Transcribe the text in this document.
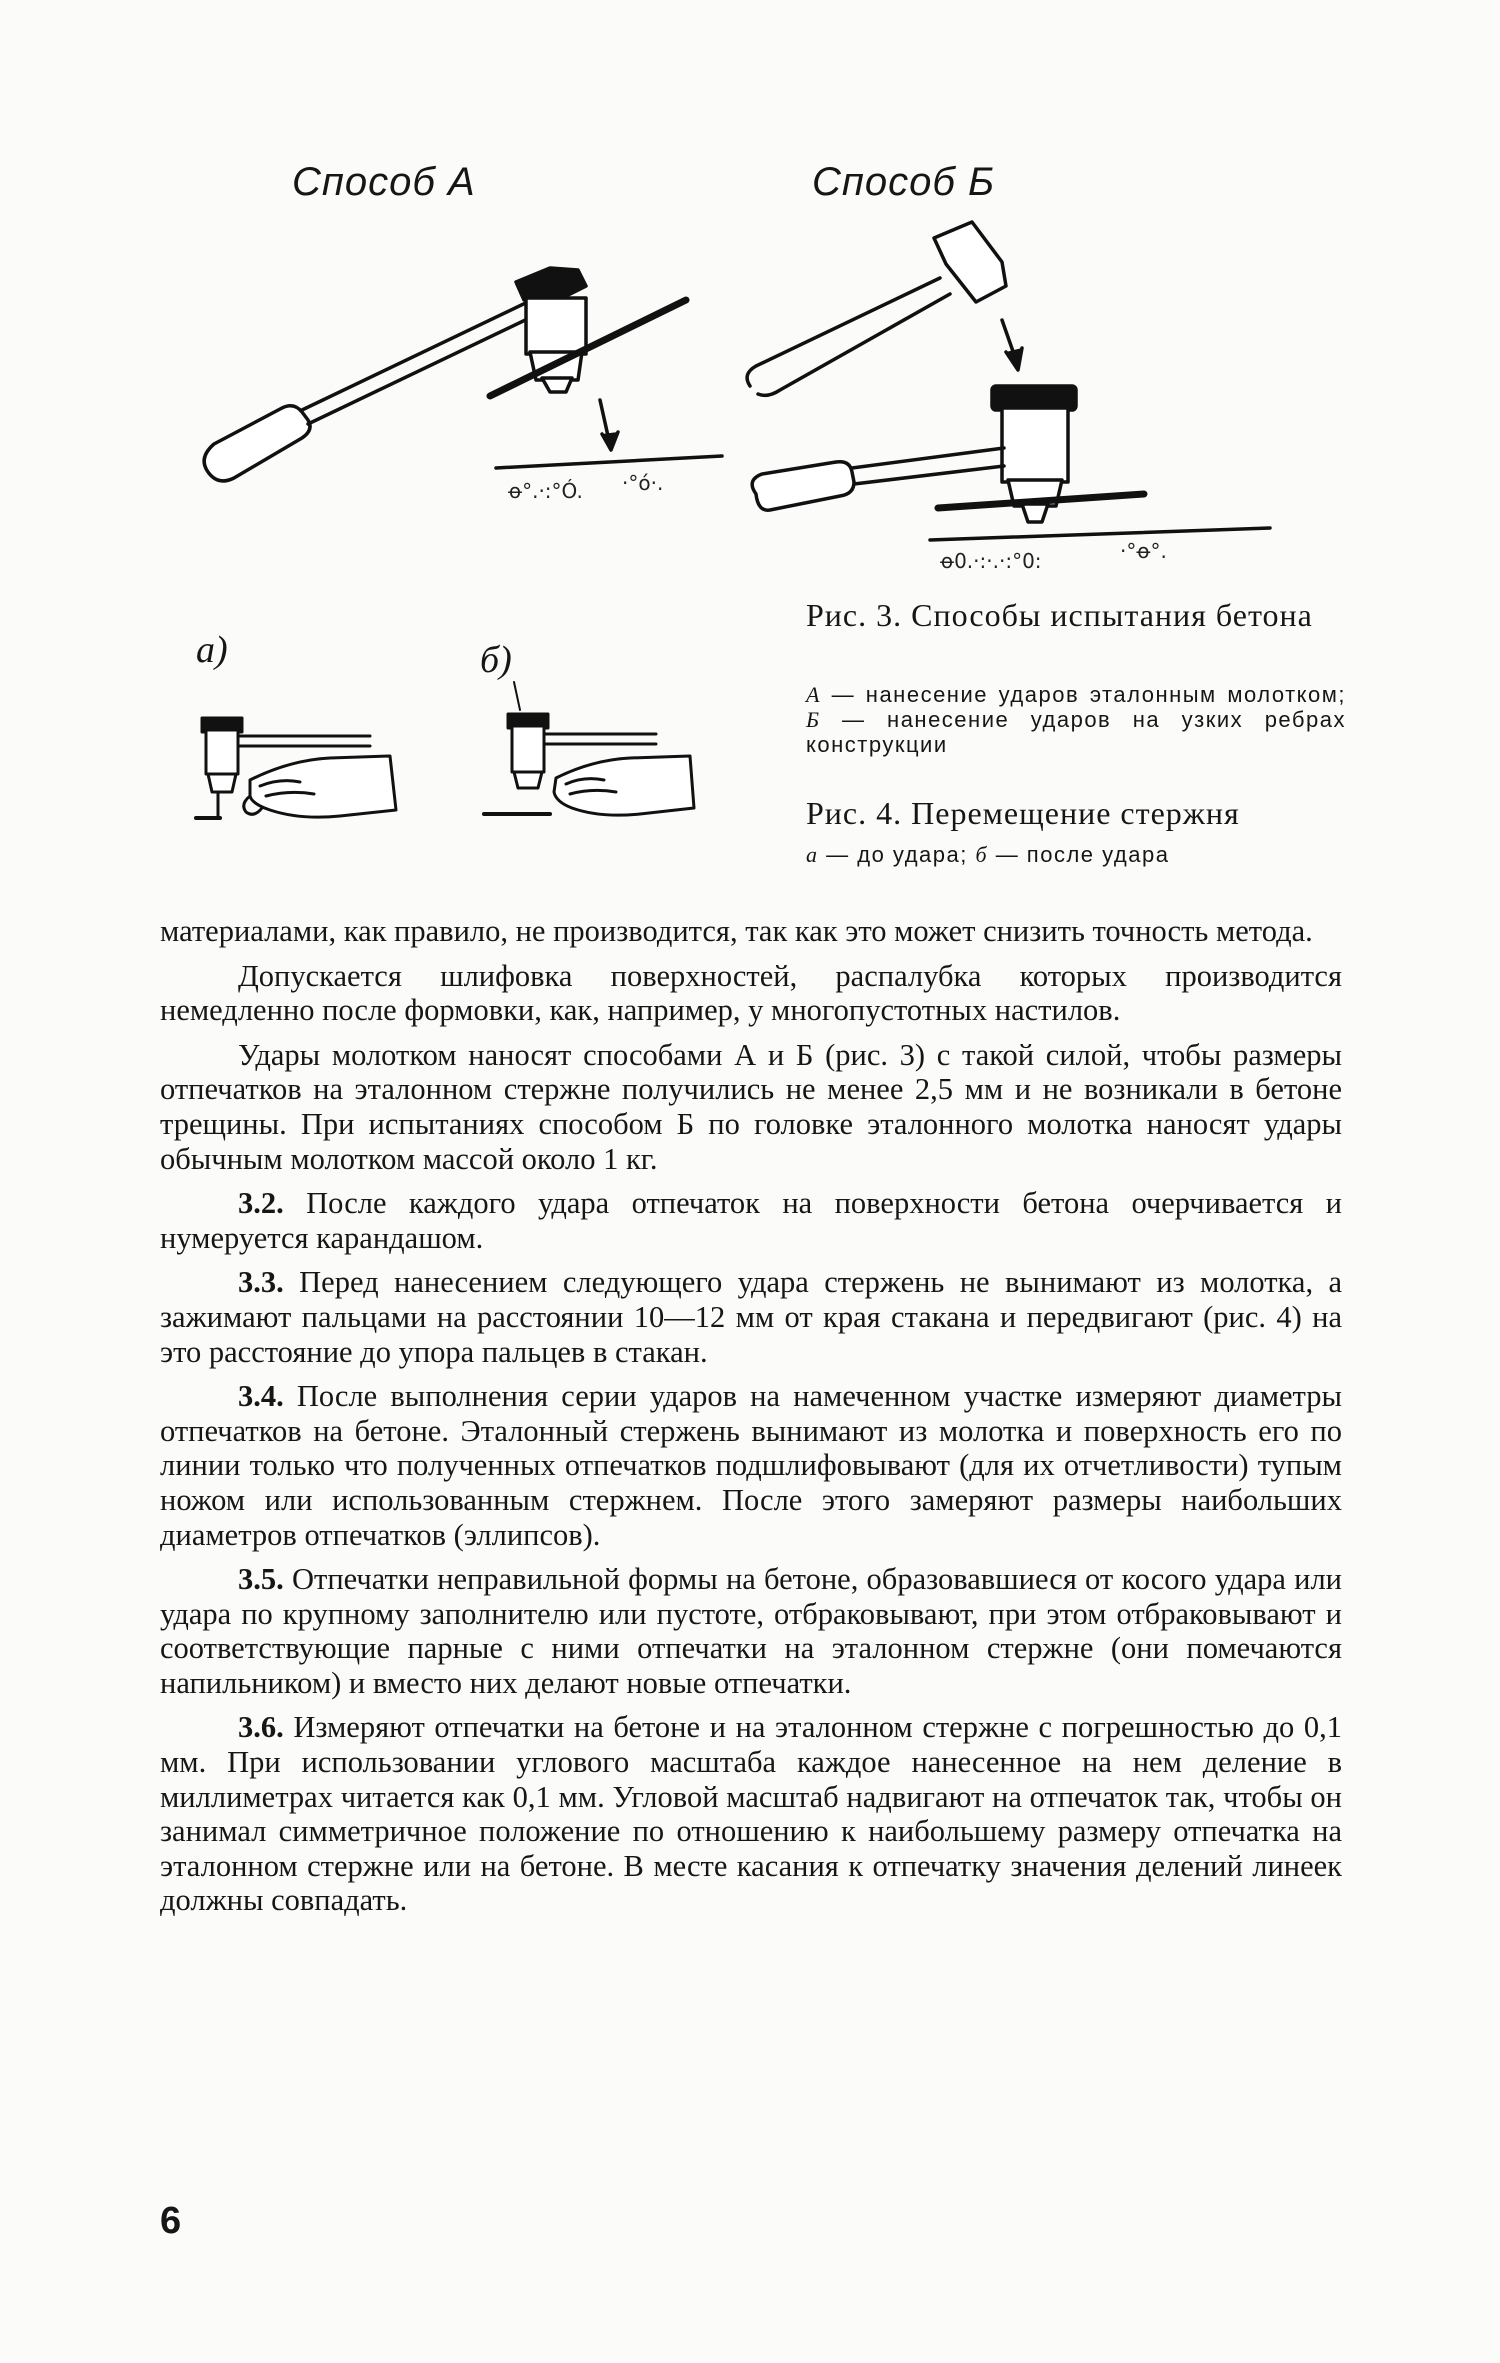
Способ А	Способ Б
ꝋ°.·:°Ó. ·°ó·.
ꝋ0.·:·.·:°0:	·°ꝋ°.
а)	б)
Рис. 3. Способы испытания бетона
А — нанесение ударов эталонным молотком; Б — нанесение ударов на узких ребрах конструкции
Рис. 4. Перемещение стержня
а — до удара; б — после удара

материалами, как правило, не производится, так как это может снизить точность метода.

Допускается шлифовка поверхностей, распалубка которых производится немедленно после формовки, как, например, у многопустотных настилов.

Удары молотком наносят способами А и Б (рис. 3) с такой силой, чтобы размеры отпечатков на эталонном стержне получились не менее 2,5 мм и не возникали в бетоне трещины. При испытаниях способом Б по головке эталонного молотка наносят удары обычным молотком массой около 1 кг.

3.2. После каждого удара отпечаток на поверхности бетона очерчивается и нумеруется карандашом.

3.3. Перед нанесением следующего удара стержень не вынимают из молотка, а зажимают пальцами на расстоянии 10—12 мм от края стакана и передвигают (рис. 4) на это расстояние до упора пальцев в стакан.

3.4. После выполнения серии ударов на намеченном участке измеряют диаметры отпечатков на бетоне. Эталонный стержень вынимают из молотка и поверхность его по линии только что полученных отпечатков подшлифовывают (для их отчетливости) тупым ножом или использованным стержнем. После этого замеряют размеры наибольших диаметров отпечатков (эллипсов).

3.5. Отпечатки неправильной формы на бетоне, образовавшиеся от косого удара или удара по крупному заполнителю или пустоте, отбраковывают, при этом отбраковывают и соответствующие парные с ними отпечатки на эталонном стержне (они помечаются напильником) и вместо них делают новые отпечатки.

3.6. Измеряют отпечатки на бетоне и на эталонном стержне с погрешностью до 0,1 мм. При использовании углового масштаба каждое нанесенное на нем деление в миллиметрах читается как 0,1 мм. Угловой масштаб надвигают на отпечаток так, чтобы он занимал симметричное положение по отношению к наибольшему размеру отпечатка на эталонном стержне или на бетоне. В месте касания к отпечатку значения делений линеек должны совпадать.

6
